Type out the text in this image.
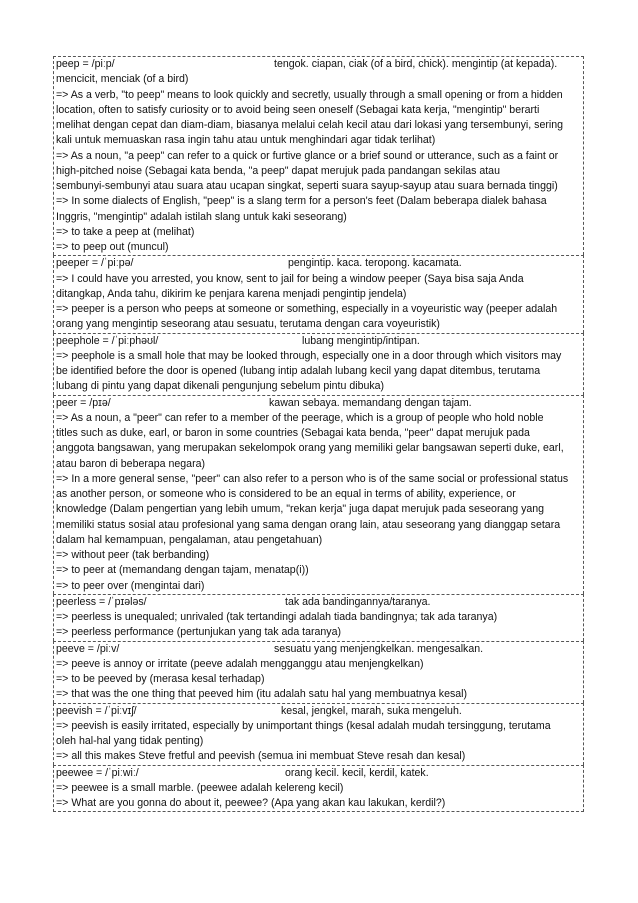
peep = /piːp/	tengok. ciapan, ciak (of a bird, chick). mengintip (at kepada).
mencicit, menciak (of a bird)
=> As a verb, "to peep" means to look quickly and secretly, usually through a small opening or from a hidden
location, often to satisfy curiosity or to avoid being seen oneself (Sebagai kata kerja, "mengintip" berarti
melihat dengan cepat dan diam-diam, biasanya melalui celah kecil atau dari lokasi yang tersembunyi, sering
kali untuk memuaskan rasa ingin tahu atau untuk menghindari agar tidak terlihat)
=> As a noun, "a peep" can refer to a quick or furtive glance or a brief sound or utterance, such as a faint or
high-pitched noise (Sebagai kata benda, "a peep" dapat merujuk pada pandangan sekilas atau
sembunyi-sembunyi atau suara atau ucapan singkat, seperti suara sayup-sayup atau suara bernada tinggi)
=> In some dialects of English, "peep" is a slang term for a person's feet (Dalam beberapa dialek bahasa
Inggris, "mengintip" adalah istilah slang untuk kaki seseorang)
=> to take a peep at (melihat)
=> to peep out (muncul)
peeper = /ˈpiːpə/	pengintip. kaca. teropong. kacamata.
=> I could have you arrested, you know, sent to jail for being a window peeper (Saya bisa saja Anda
ditangkap, Anda tahu, dikirim ke penjara karena menjadi pengintip jendela)
=> peeper is a person who peeps at someone or something, especially in a voyeuristic way (peeper adalah
orang yang mengintip seseorang atau sesuatu, terutama dengan cara voyeuristik)
peephole = /ˈpiːphəʊl/	lubang mengintip/intipan.
=> peephole is a small hole that may be looked through, especially one in a door through which visitors may
be identified before the door is opened (lubang intip adalah lubang kecil yang dapat ditembus, terutama
lubang di pintu yang dapat dikenali pengunjung sebelum pintu dibuka)
peer = /pɪə/	kawan sebaya. memandang dengan tajam.
=> As a noun, a "peer" can refer to a member of the peerage, which is a group of people who hold noble
titles such as duke, earl, or baron in some countries (Sebagai kata benda, "peer" dapat merujuk pada
anggota bangsawan, yang merupakan sekelompok orang yang memiliki gelar bangsawan seperti duke, earl,
atau baron di beberapa negara)
=> In a more general sense, "peer" can also refer to a person who is of the same social or professional status
as another person, or someone who is considered to be an equal in terms of ability, experience, or
knowledge (Dalam pengertian yang lebih umum, "rekan kerja" juga dapat merujuk pada seseorang yang
memiliki status sosial atau profesional yang sama dengan orang lain, atau seseorang yang dianggap setara
dalam hal kemampuan, pengalaman, atau pengetahuan)
=> without peer (tak berbanding)
=> to peer at (memandang dengan tajam, menatap(i))
=> to peer over (mengintai dari)
peerless = /ˈpɪələs/	tak ada bandingannya/taranya.
=> peerless is unequaled; unrivaled (tak tertandingi adalah tiada bandingnya; tak ada taranya)
=> peerless performance (pertunjukan yang tak ada taranya)
peeve = /piːv/	sesuatu yang menjengkelkan. mengesalkan.
=> peeve is annoy or irritate (peeve adalah mengganggu atau menjengkelkan)
=> to be peeved by (merasa kesal terhadap)
=> that was the one thing that peeved him (itu adalah satu hal yang membuatnya kesal)
peevish = /ˈpiːvɪʃ/	kesal, jengkel, marah, suka mengeluh.
=> peevish is easily irritated, especially by unimportant things (kesal adalah mudah tersinggung, terutama
oleh hal-hal yang tidak penting)
=> all this makes Steve fretful and peevish (semua ini membuat Steve resah dan kesal)
peewee = /ˈpiːwiː/	orang kecil. kecil, kerdil, katek.
=> peewee is a small marble. (peewee adalah kelereng kecil)
=> What are you gonna do about it, peewee? (Apa yang akan kau lakukan, kerdil?)
